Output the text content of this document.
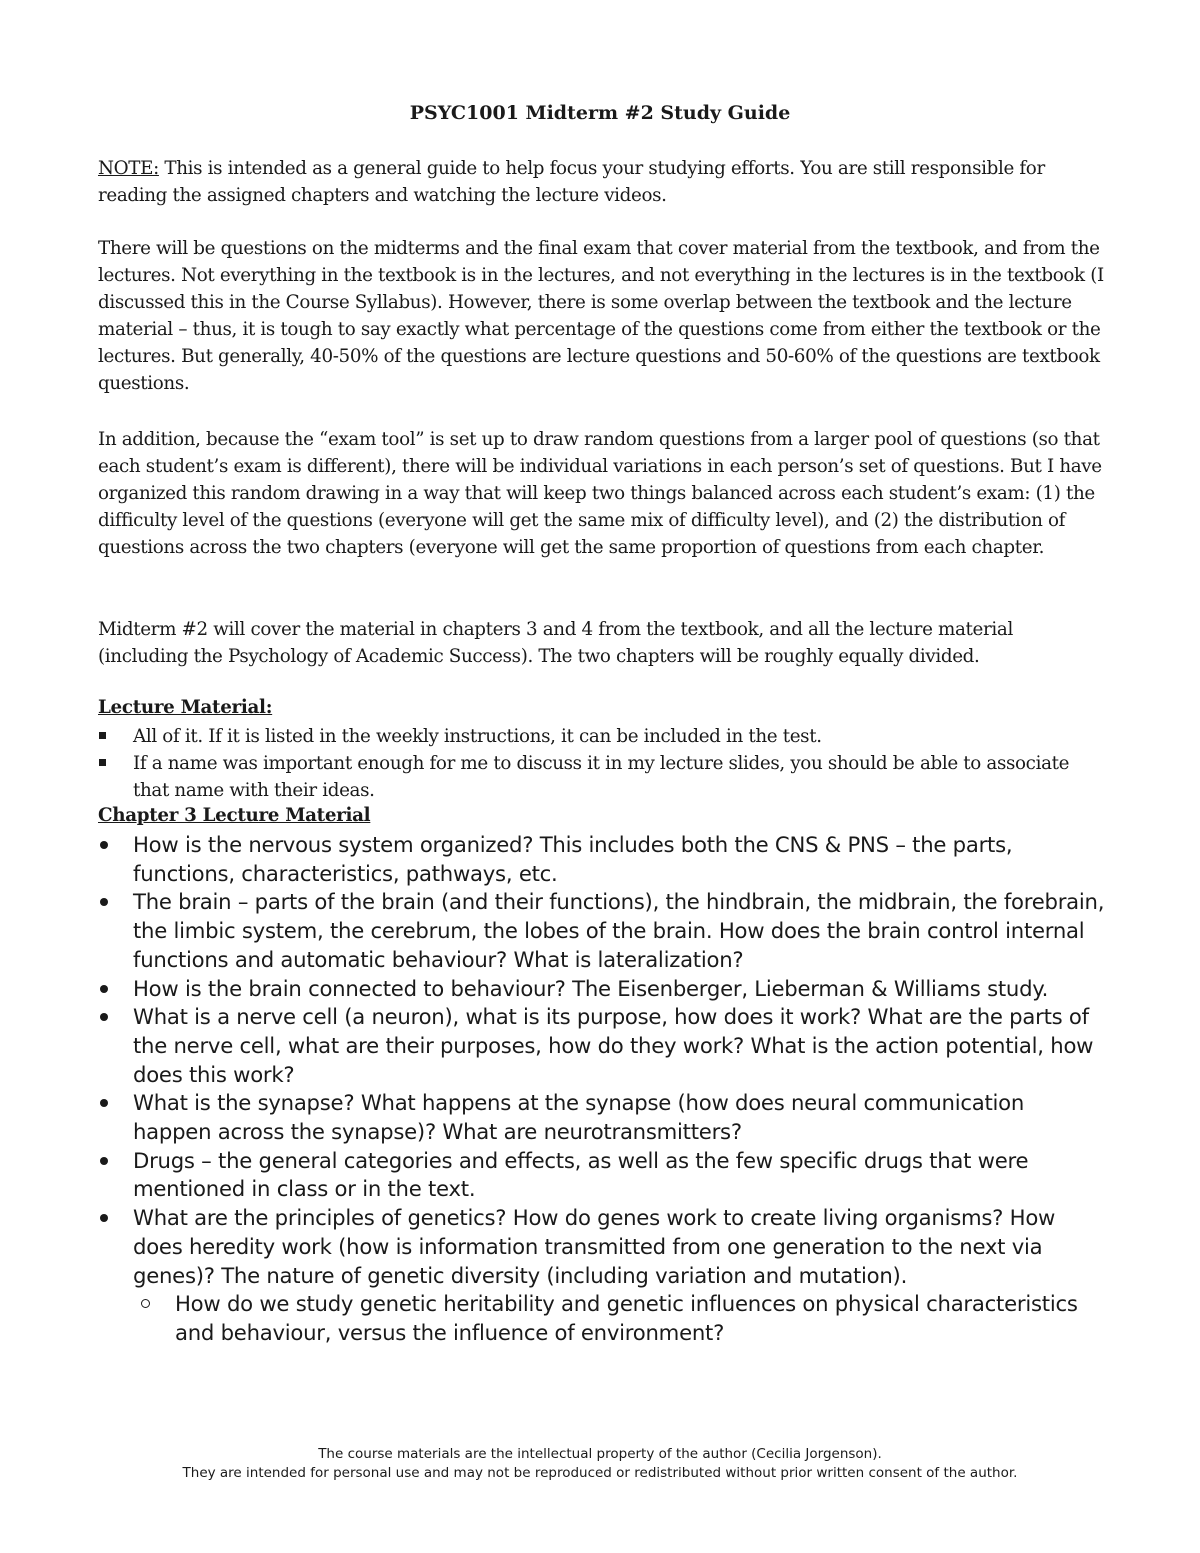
PSYC1001 Midterm #2 Study Guide
NOTE: This is intended as a general guide to help focus your studying efforts. You are still responsible for reading the assigned chapters and watching the lecture videos.
There will be questions on the midterms and the final exam that cover material from the textbook, and from the lectures. Not everything in the textbook is in the lectures, and not everything in the lectures is in the textbook (I discussed this in the Course Syllabus). However, there is some overlap between the textbook and the lecture material – thus, it is tough to say exactly what percentage of the questions come from either the textbook or the lectures. But generally, 40-50% of the questions are lecture questions and 50-60% of the questions are textbook questions.
In addition, because the “exam tool” is set up to draw random questions from a larger pool of questions (so that each student’s exam is different), there will be individual variations in each person’s set of questions. But I have organized this random drawing in a way that will keep two things balanced across each student’s exam: (1) the difficulty level of the questions (everyone will get the same mix of difficulty level), and (2) the distribution of questions across the two chapters (everyone will get the same proportion of questions from each chapter.
Midterm #2 will cover the material in chapters 3 and 4 from the textbook, and all the lecture material (including the Psychology of Academic Success). The two chapters will be roughly equally divided.
Lecture Material:
All of it. If it is listed in the weekly instructions, it can be included in the test.
If a name was important enough for me to discuss it in my lecture slides, you should be able to associate that name with their ideas.
Chapter 3 Lecture Material
How is the nervous system organized? This includes both the CNS & PNS – the parts, functions, characteristics, pathways, etc.
The brain – parts of the brain (and their functions), the hindbrain, the midbrain, the forebrain, the limbic system, the cerebrum, the lobes of the brain. How does the brain control internal functions and automatic behaviour? What is lateralization?
How is the brain connected to behaviour? The Eisenberger, Lieberman & Williams study.
What is a nerve cell (a neuron), what is its purpose, how does it work? What are the parts of the nerve cell, what are their purposes, how do they work? What is the action potential, how does this work?
What is the synapse? What happens at the synapse (how does neural communication happen across the synapse)? What are neurotransmitters?
Drugs – the general categories and effects, as well as the few specific drugs that were mentioned in class or in the text.
What are the principles of genetics? How do genes work to create living organisms? How does heredity work (how is information transmitted from one generation to the next via genes)? The nature of genetic diversity (including variation and mutation).
How do we study genetic heritability and genetic influences on physical characteristics and behaviour, versus the influence of environment?
The course materials are the intellectual property of the author (Cecilia Jorgenson).
They are intended for personal use and may not be reproduced or redistributed without prior written consent of the author.
